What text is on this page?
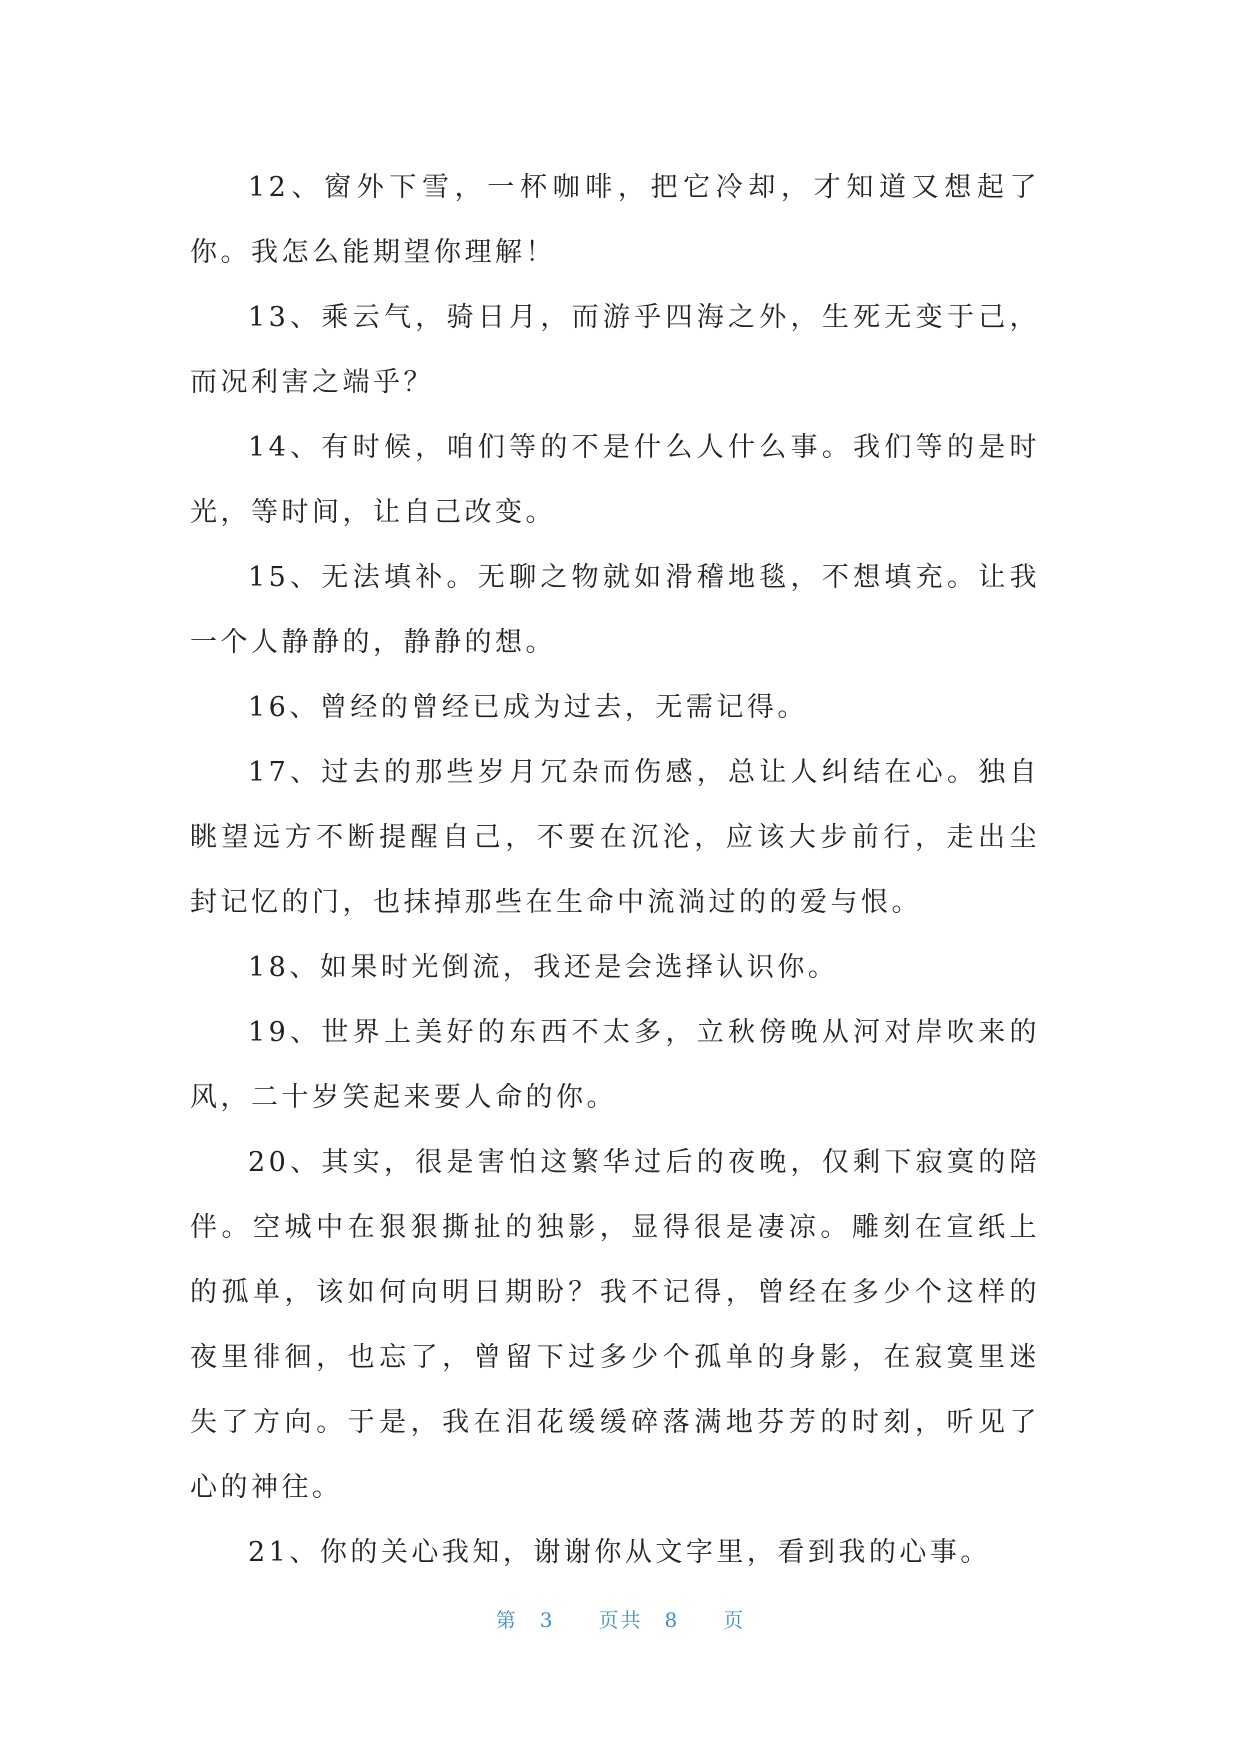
12、窗外下雪，一杯咖啡，把它冷却，才知道又想起了你。我怎么能期望你理解！

13、乘云气，骑日月，而游乎四海之外，生死无变于己，而况利害之端乎？

14、有时候，咱们等的不是什么人什么事。我们等的是时光，等时间，让自己改变。

15、无法填补。无聊之物就如滑稽地毯，不想填充。让我一个人静静的，静静的想。

16、曾经的曾经已成为过去，无需记得。

17、过去的那些岁月冗杂而伤感，总让人纠结在心。独自眺望远方不断提醒自己，不要在沉沦，应该大步前行，走出尘封记忆的门，也抹掉那些在生命中流淌过的的爱与恨。

18、如果时光倒流，我还是会选择认识你。

19、世界上美好的东西不太多，立秋傍晚从河对岸吹来的风，二十岁笑起来要人命的你。

20、其实，很是害怕这繁华过后的夜晚，仅剩下寂寞的陪伴。空城中在狠狠撕扯的独影，显得很是凄凉。雕刻在宣纸上的孤单，该如何向明日期盼？我不记得，曾经在多少个这样的夜里徘徊，也忘了，曾留下过多少个孤单的身影，在寂寞里迷失了方向。于是，我在泪花缓缓碎落满地芬芳的时刻，听见了心的神往。

21、你的关心我知，谢谢你从文字里，看到我的心事。

第 3 页共 8 页
